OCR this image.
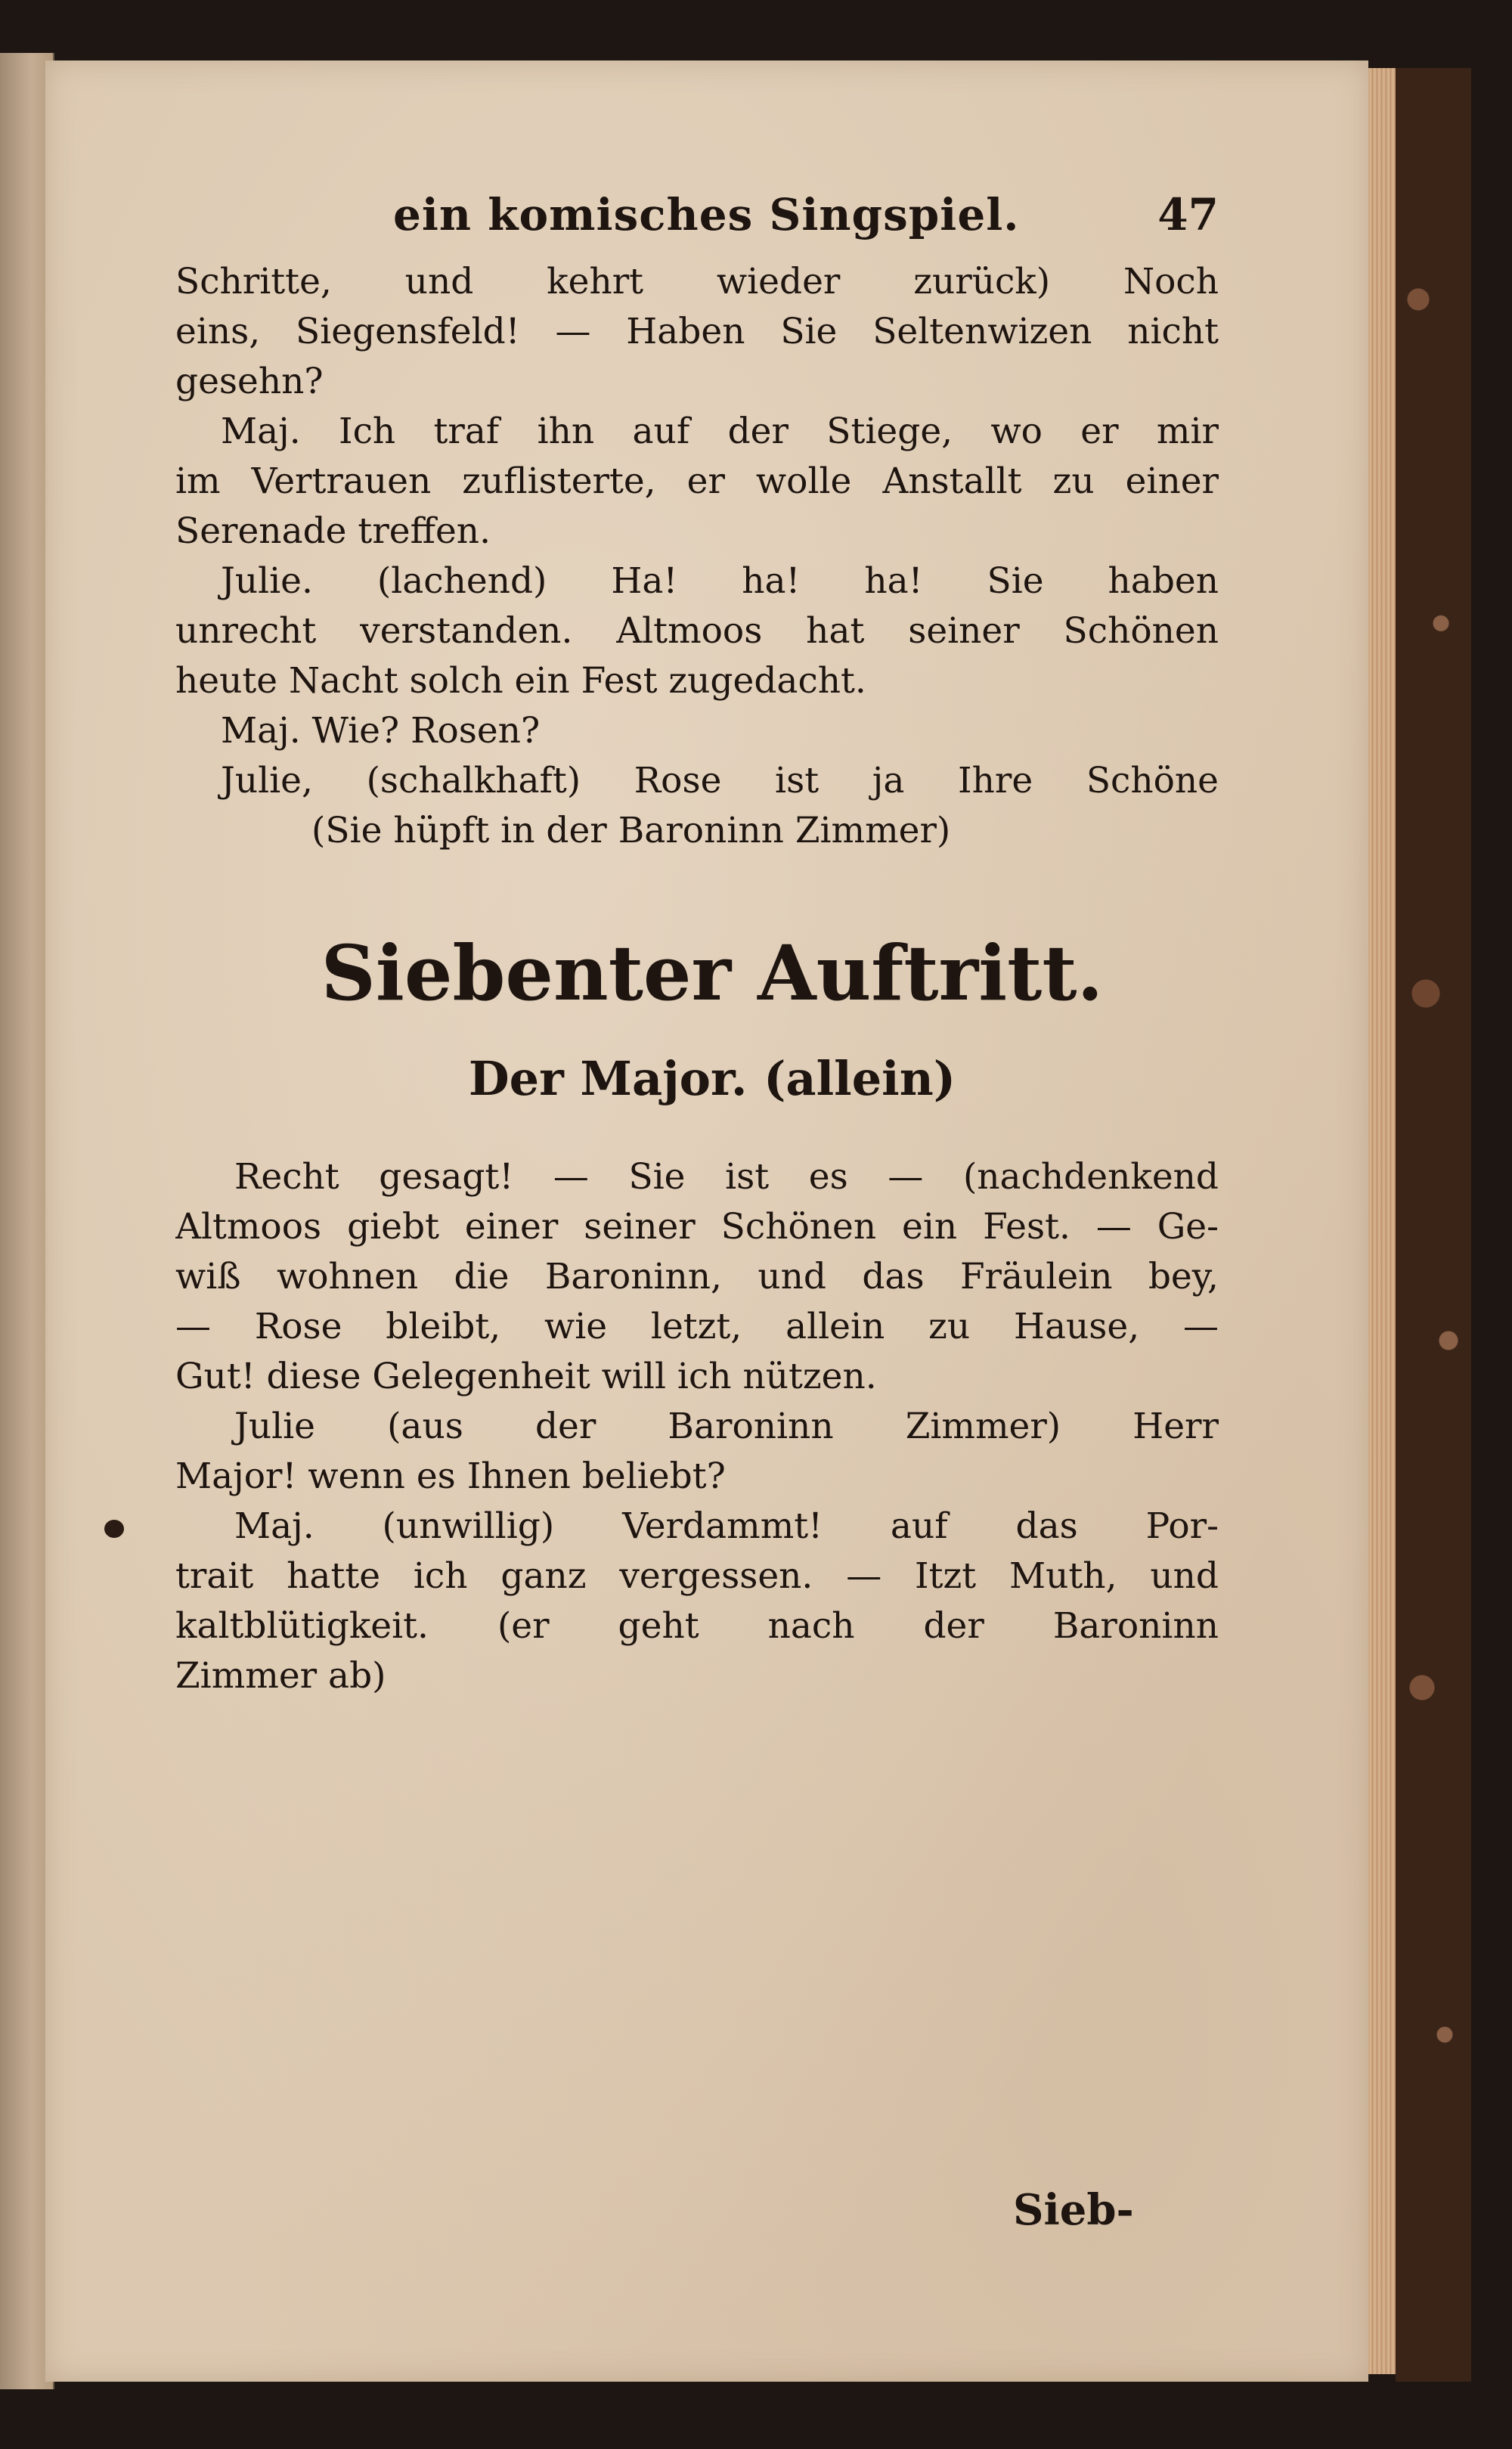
ein komisches Singspiel.	47
Schritte, und kehrt wieder zurück) Noch
eins, Siegensfeld! — Haben Sie Seltenwizen nicht
gesehn?
Maj. Ich traf ihn auf der Stiege, wo er mir
im Vertrauen zuflisterte, er wolle Anstallt zu einer
Serenade treffen.
Julie. (lachend) Ha! ha! ha! Sie haben
unrecht verstanden. Altmoos hat seiner Schönen
heute Nacht solch ein Fest zugedacht.
Maj. Wie? Rosen?
Julie, (schalkhaft) Rose ist ja Ihre Schöne
(Sie hüpft in der Baroninn Zimmer)
Siebenter Auftritt.
Der Major. (allein)
Recht gesagt! — Sie ist es — (nachdenkend
Altmoos giebt einer seiner Schönen ein Fest. — Ge-
wiß wohnen die Baroninn, und das Fräulein bey,
— Rose bleibt, wie letzt, allein zu Hause, —
Gut! diese Gelegenheit will ich nützen.
Julie (aus der Baroninn Zimmer) Herr
Major! wenn es Ihnen beliebt?
Maj. (unwillig) Verdammt! auf das Por-
trait hatte ich ganz vergessen. — Itzt Muth, und
kaltblütigkeit. (er geht nach der Baroninn
Zimmer ab)
Sieb-
